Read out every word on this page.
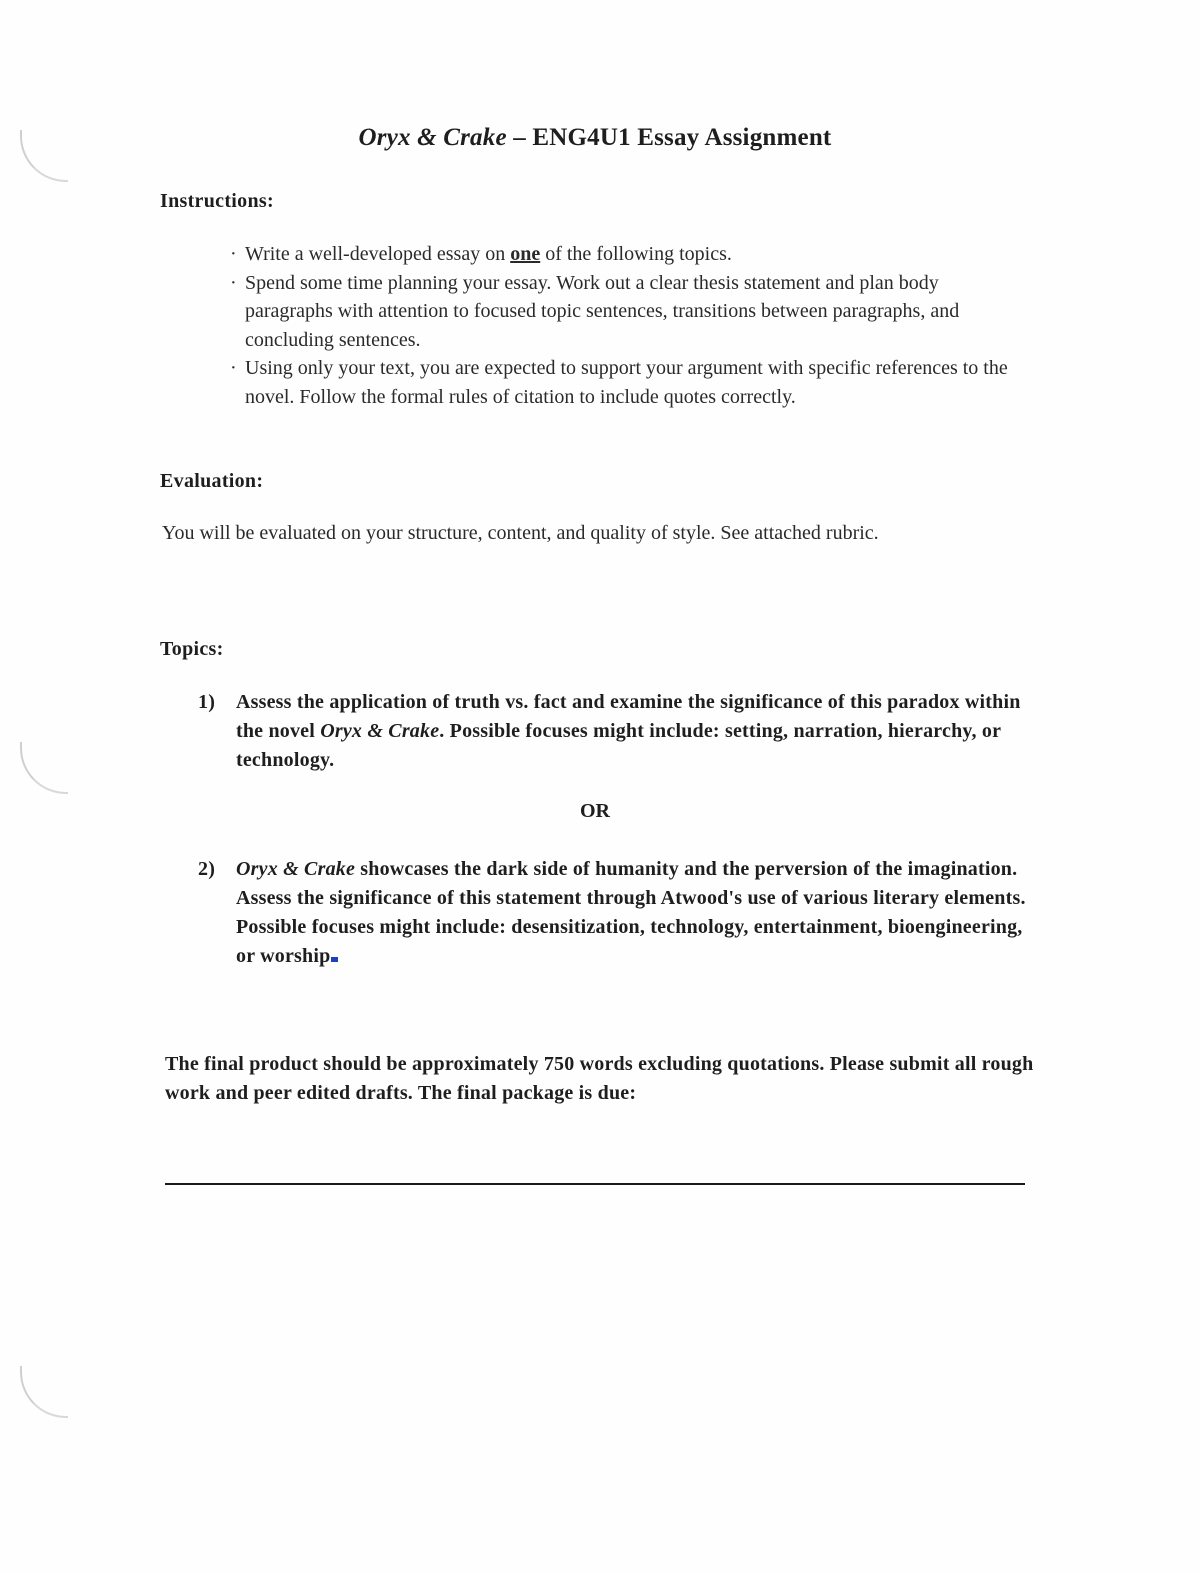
Oryx & Crake – ENG4U1 Essay Assignment
Instructions:
· Write a well-developed essay on one of the following topics.
· Spend some time planning your essay. Work out a clear thesis statement and plan body paragraphs with attention to focused topic sentences, transitions between paragraphs, and concluding sentences.
· Using only your text, you are expected to support your argument with specific references to the novel. Follow the formal rules of citation to include quotes correctly.
Evaluation:
You will be evaluated on your structure, content, and quality of style. See attached rubric.
Topics:
1) Assess the application of truth vs. fact and examine the significance of this paradox within the novel Oryx & Crake. Possible focuses might include: setting, narration, hierarchy, or technology.
OR
2) Oryx & Crake showcases the dark side of humanity and the perversion of the imagination. Assess the significance of this statement through Atwood's use of various literary elements. Possible focuses might include: desensitization, technology, entertainment, bioengineering, or worship
The final product should be approximately 750 words excluding quotations. Please submit all rough work and peer edited drafts. The final package is due:
